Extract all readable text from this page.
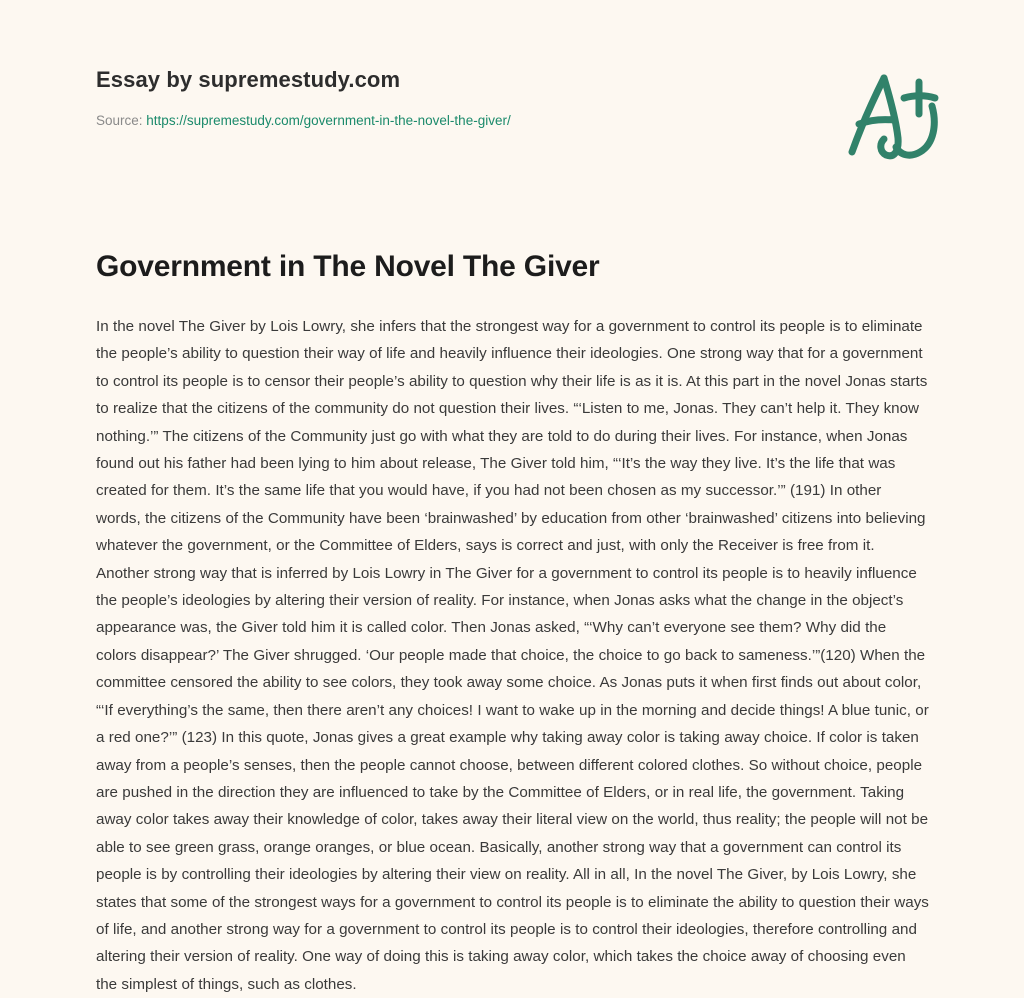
Essay by supremestudy.com
Source: https://supremestudy.com/government-in-the-novel-the-giver/
Government in The Novel The Giver

In the novel The Giver by Lois Lowry, she infers that the strongest way for a government to control its people is to eliminate the people’s ability to question their way of life and heavily influence their ideologies. One strong way that for a government to control its people is to censor their people’s ability to question why their life is as it is. At this part in the novel Jonas starts to realize that the citizens of the community do not question their lives. “‘Listen to me, Jonas. They can’t help it. They know nothing.’” The citizens of the Community just go with what they are told to do during their lives. For instance, when Jonas found out his father had been lying to him about release, The Giver told him, “‘It’s the way they live. It’s the life that was created for them. It’s the same life that you would have, if you had not been chosen as my successor.’” (191) In other words, the citizens of the Community have been ‘brainwashed’ by education from other ‘brainwashed’ citizens into believing whatever the government, or the Committee of Elders, says is correct and just, with only the Receiver is free from it. Another strong way that is inferred by Lois Lowry in The Giver for a government to control its people is to heavily influence the people’s ideologies by altering their version of reality. For instance, when Jonas asks what the change in the object’s appearance was, the Giver told him it is called color. Then Jonas asked, “‘Why can’t everyone see them? Why did the colors disappear?’ The Giver shrugged. ‘Our people made that choice, the choice to go back to sameness.’”(120) When the committee censored the ability to see colors, they took away some choice. As Jonas puts it when first finds out about color, “‘If everything’s the same, then there aren’t any choices! I want to wake up in the morning and decide things! A blue tunic, or a red one?’” (123) In this quote, Jonas gives a great example why taking away color is taking away choice. If color is taken away from a people’s senses, then the people cannot choose, between different colored clothes. So without choice, people are pushed in the direction they are influenced to take by the Committee of Elders, or in real life, the government. Taking away color takes away their knowledge of color, takes away their literal view on the world, thus reality; the people will not be able to see green grass, orange oranges, or blue ocean. Basically, another strong way that a government can control its people is by controlling their ideologies by altering their view on reality. All in all, In the novel The Giver, by Lois Lowry, she states that some of the strongest ways for a government to control its people is to eliminate the ability to question their ways of life, and another strong way for a government to control its people is to control their ideologies, therefore controlling and altering their version of reality. One way of doing this is taking away color, which takes the choice away of choosing even the simplest of things, such as clothes.
